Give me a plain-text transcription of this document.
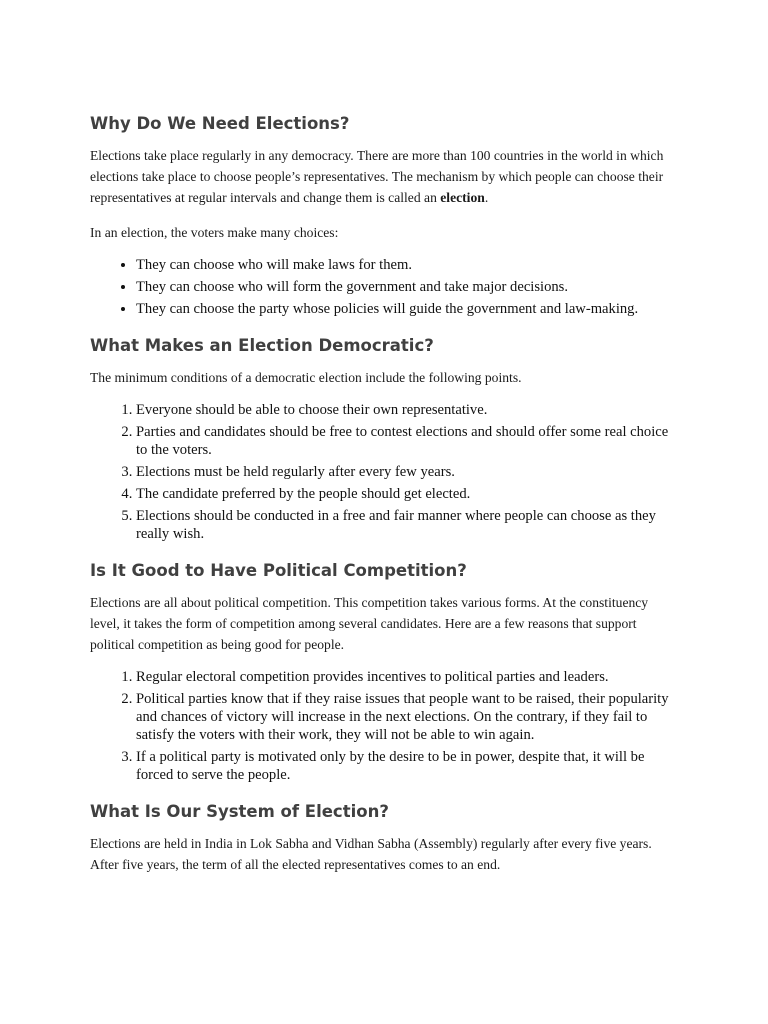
Why Do We Need Elections?

Elections take place regularly in any democracy. There are more than 100 countries in the world in which elections take place to choose people’s representatives. The mechanism by which people can choose their representatives at regular intervals and change them is called an election.

In an election, the voters make many choices:

• They can choose who will make laws for them.
• They can choose who will form the government and take major decisions.
• They can choose the party whose policies will guide the government and law-making.
What Makes an Election Democratic?

The minimum conditions of a democratic election include the following points.

1. Everyone should be able to choose their own representative.
2. Parties and candidates should be free to contest elections and should offer some real choice to the voters.
3. Elections must be held regularly after every few years.
4. The candidate preferred by the people should get elected.
5. Elections should be conducted in a free and fair manner where people can choose as they really wish.
Is It Good to Have Political Competition?

Elections are all about political competition. This competition takes various forms. At the constituency level, it takes the form of competition among several candidates. Here are a few reasons that support political competition as being good for people.

1. Regular electoral competition provides incentives to political parties and leaders.
2. Political parties know that if they raise issues that people want to be raised, their popularity and chances of victory will increase in the next elections. On the contrary, if they fail to satisfy the voters with their work, they will not be able to win again.
3. If a political party is motivated only by the desire to be in power, despite that, it will be forced to serve the people.
What Is Our System of Election?

Elections are held in India in Lok Sabha and Vidhan Sabha (Assembly) regularly after every five years. After five years, the term of all the elected representatives comes to an end.
